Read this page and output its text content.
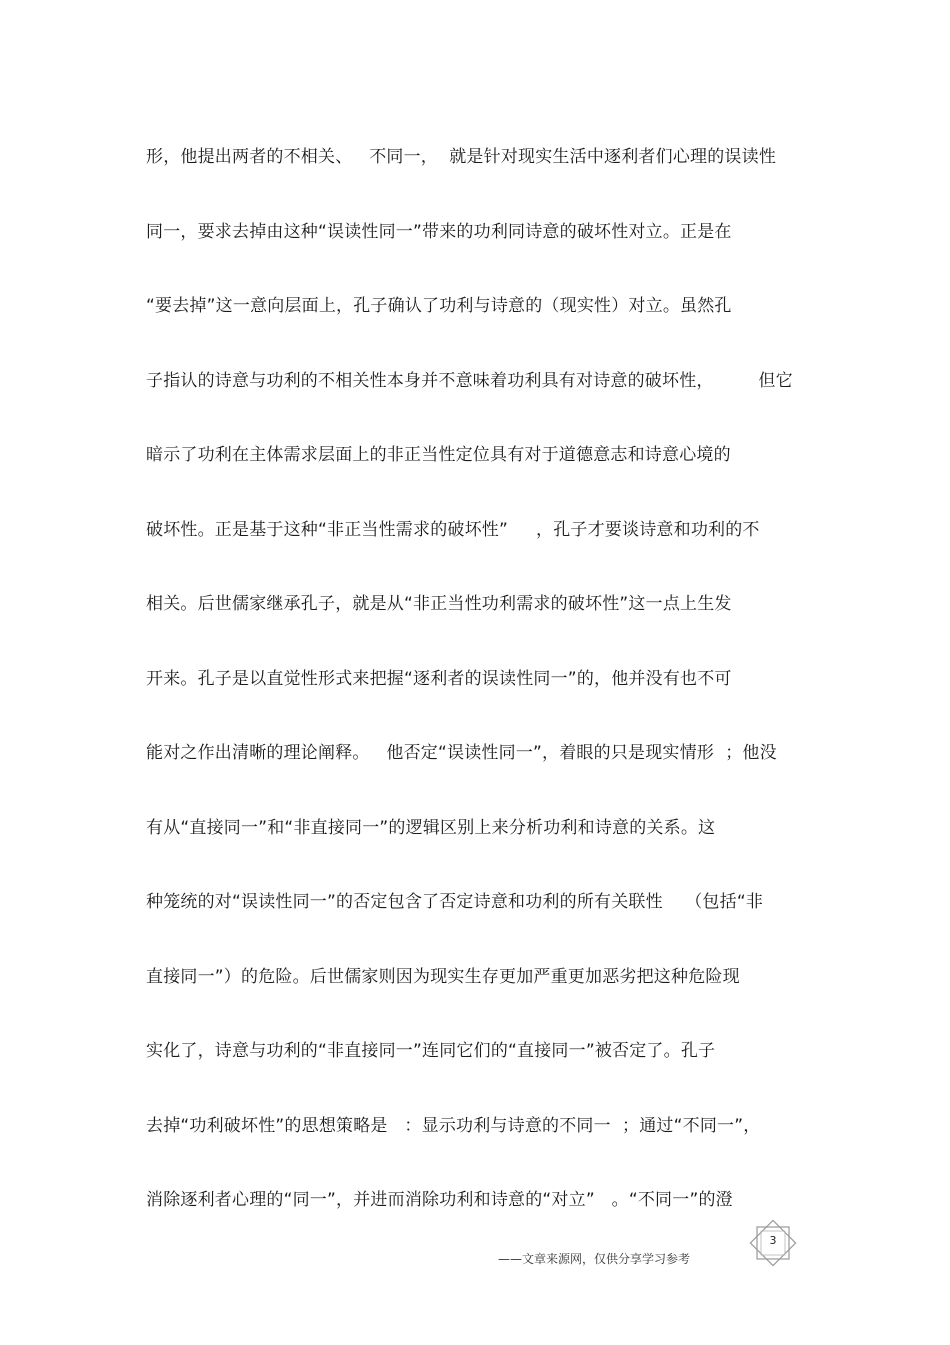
形，他提出两者的不相关、   不同一，  就是针对现实生活中逐利者们心理的误读性
同一，要求去掉由这种“误读性同一”带来的功利同诗意的破坏性对立。正是在
“要去掉”这一意向层面上，孔子确认了功利与诗意的（现实性）对立。虽然孔
子指认的诗意与功利的不相关性本身并不意味着功利具有对诗意的破坏性，        但它
暗示了功利在主体需求层面上的非正当性定位具有对于道德意志和诗意心境的
破坏性。正是基于这种“非正当性需求的破坏性”     ，孔子才要谈诗意和功利的不
相关。后世儒家继承孔子，就是从“非正当性功利需求的破坏性”这一点上生发
开来。孔子是以直觉性形式来把握“逐利者的误读性同一”的，他并没有也不可
能对之作出清晰的理论阐释。   他否定“误读性同一”，着眼的只是现实情形  ；他没
有从“直接同一”和“非直接同一”的逻辑区别上来分析功利和诗意的关系。这
种笼统的对“误读性同一”的否定包含了否定诗意和功利的所有关联性    （包括“非
直接同一”）的危险。后世儒家则因为现实生存更加严重更加恶劣把这种危险现
实化了，诗意与功利的“非直接同一”连同它们的“直接同一”被否定了。孔子
去掉“功利破坏性”的思想策略是   ：显示功利与诗意的不同一  ；通过“不同一”，
消除逐利者心理的“同一”，并进而消除功利和诗意的“对立”   。“不同一”的澄
3
——文章来源网，仅供分享学习参考
